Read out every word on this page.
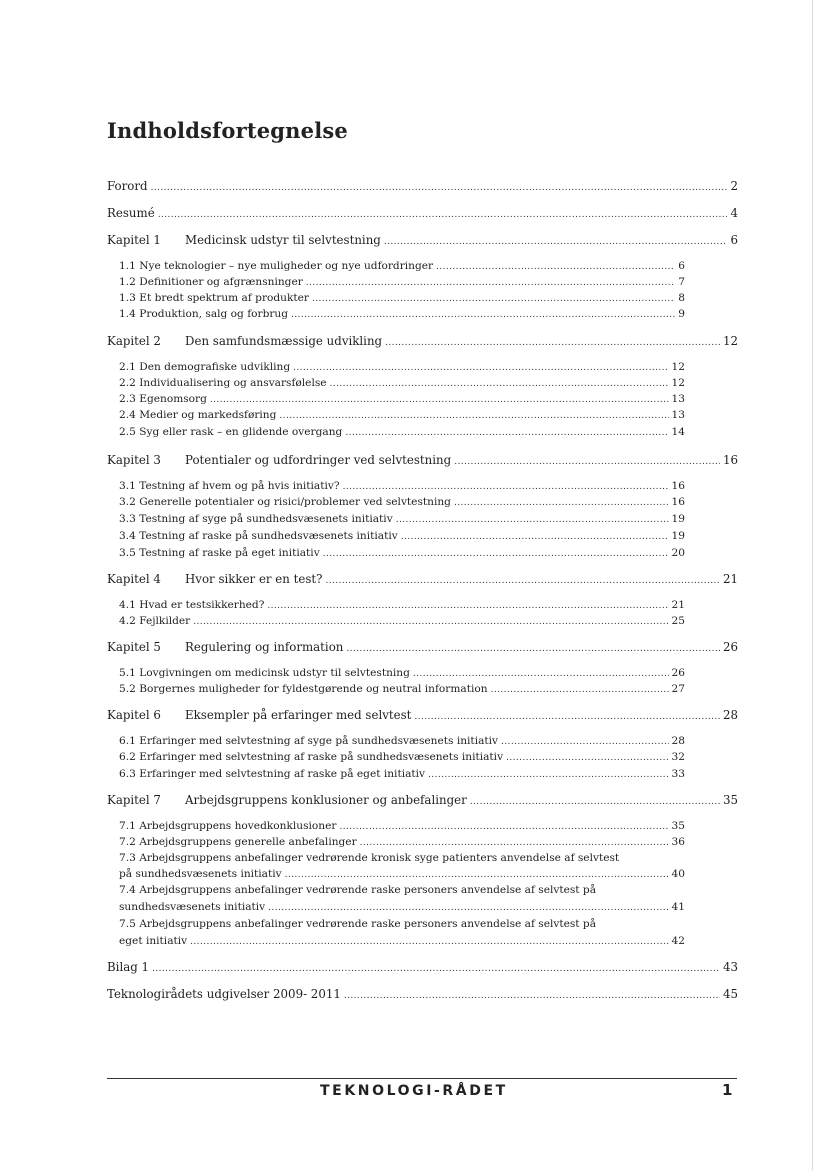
Indholdsfortegnelse
Forord .....	2
Resumé .....	4
Kapitel 1	Medicinsk udstyr til selvtestning .....	6
1.1 Nye teknologier – nye muligheder og nye udfordringer .....	6
1.2 Definitioner og afgrænsninger .....	7
1.3 Et bredt spektrum af produkter .....	8
1.4 Produktion, salg og forbrug .....	9
Kapitel 2	Den samfundsmæssige udvikling .....	12
2.1 Den demografiske udvikling .....	12
2.2 Individualisering og ansvarsfølelse .....	12
2.3 Egenomsorg .....	13
2.4 Medier og markedsføring .....	13
2.5 Syg eller rask – en glidende overgang .....	14
Kapitel 3	Potentialer og udfordringer ved selvtestning .....	16
3.1 Testning af hvem og på hvis initiativ? .....	16
3.2 Generelle potentialer og risici/problemer ved selvtestning .....	16
3.3 Testning af syge på sundhedsvæsenets initiativ .....	19
3.4 Testning af raske på sundhedsvæsenets initiativ .....	19
3.5 Testning af raske på eget initiativ .....	20
Kapitel 4	Hvor sikker er en test? .....	21
4.1 Hvad er testsikkerhed? .....	21
4.2 Fejlkilder .....	25
Kapitel 5	Regulering og information .....	26
5.1 Lovgivningen om medicinsk udstyr til selvtestning .....	26
5.2 Borgernes muligheder for fyldestgørende og neutral information .....	27
Kapitel 6	Eksempler på erfaringer med selvtest .....	28
6.1 Erfaringer med selvtestning af syge på sundhedsvæsenets initiativ .....	28
6.2 Erfaringer med selvtestning af raske på sundhedsvæsenets initiativ .....	32
6.3 Erfaringer med selvtestning af raske på eget initiativ .....	33
Kapitel 7	Arbejdsgruppens konklusioner og anbefalinger .....	35
7.1 Arbejdsgruppens hovedkonklusioner .....	35
7.2 Arbejdsgruppens generelle anbefalinger .....	36
7.3 Arbejdsgruppens anbefalinger vedrørende kronisk syge patienters anvendelse af selvtest
på sundhedsvæsenets initiativ .....	40
7.4 Arbejdsgruppens anbefalinger vedrørende raske personers anvendelse af selvtest på
sundhedsvæsenets initiativ .....	41
7.5 Arbejdsgruppens anbefalinger vedrørende raske personers anvendelse af selvtest på
eget initiativ .....	42
Bilag 1 .....	43
Teknologirådets udgivelser 2009- 2011 .....	45
TEKNOLOGI-RÅDET	1
